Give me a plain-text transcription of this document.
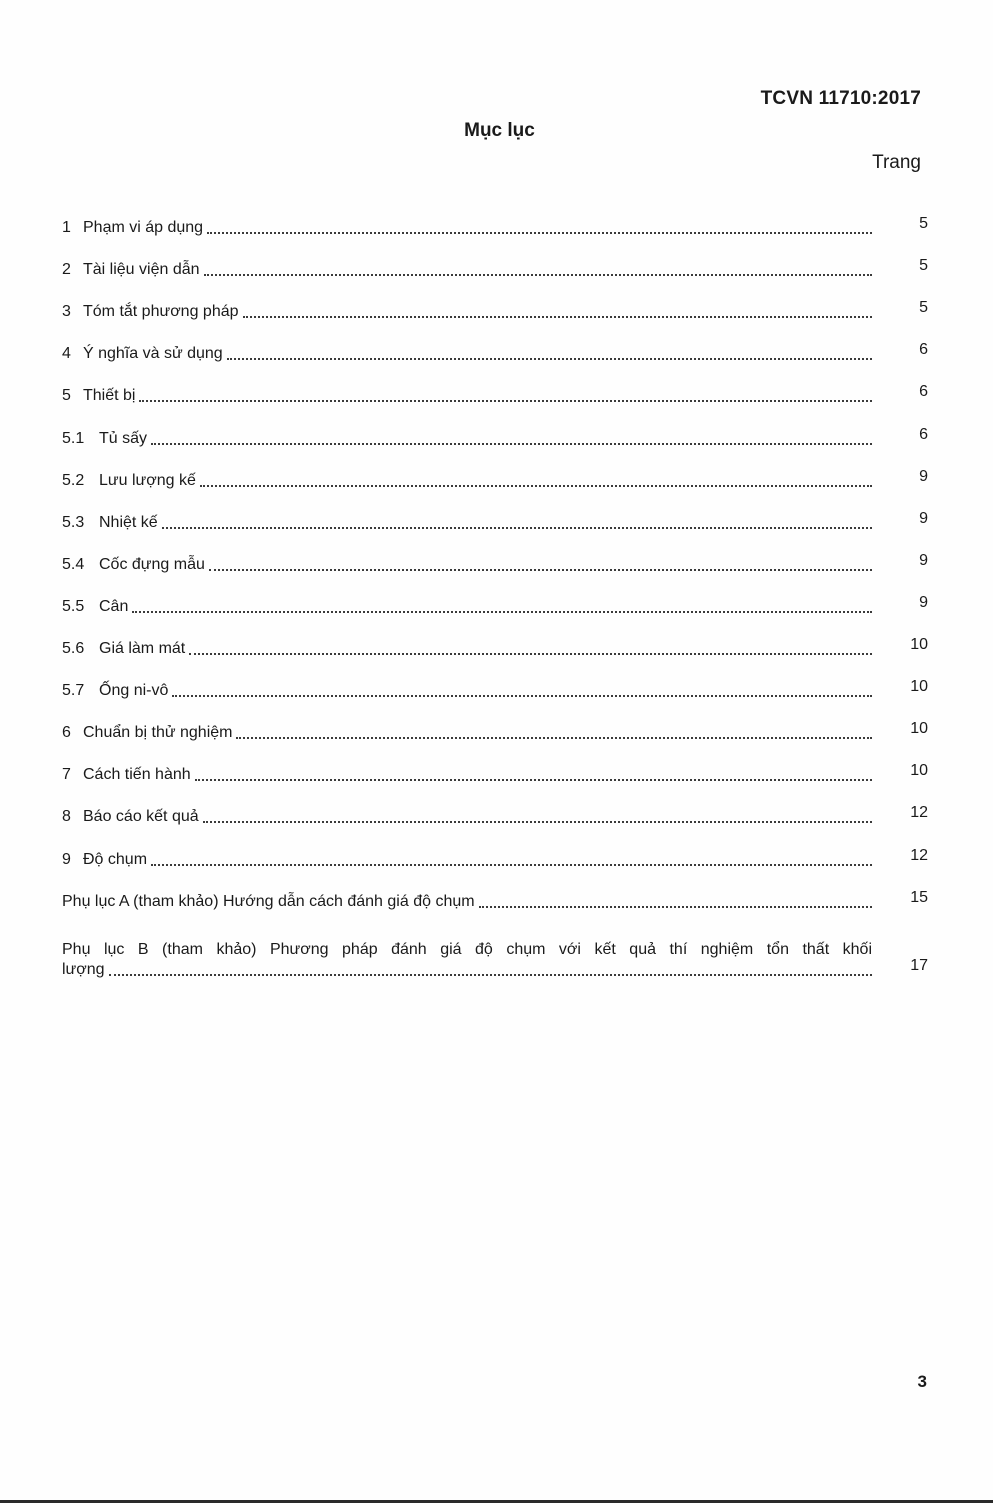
TCVN 11710:2017
Mục lục
Trang
1 Phạm vi áp dụng	5
2 Tài liệu viện dẫn	5
3 Tóm tắt phương pháp	5
4 Ý nghĩa và sử dụng	6
5 Thiết bị	6
5.1 Tủ sấy	6
5.2 Lưu lượng kế	9
5.3 Nhiệt kế	9
5.4 Cốc đựng mẫu	9
5.5 Cân	9
5.6 Giá làm mát	10
5.7 Ống ni-vô	10
6 Chuẩn bị thử nghiệm	10
7 Cách tiến hành	10
8 Báo cáo kết quả	12
9 Độ chụm	12
Phụ lục A (tham khảo) Hướng dẫn cách đánh giá độ chụm	15
Phụ lục B (tham khảo) Phương pháp đánh giá độ chụm với kết quả thí nghiệm tổn thất khối
lượng	17
3
